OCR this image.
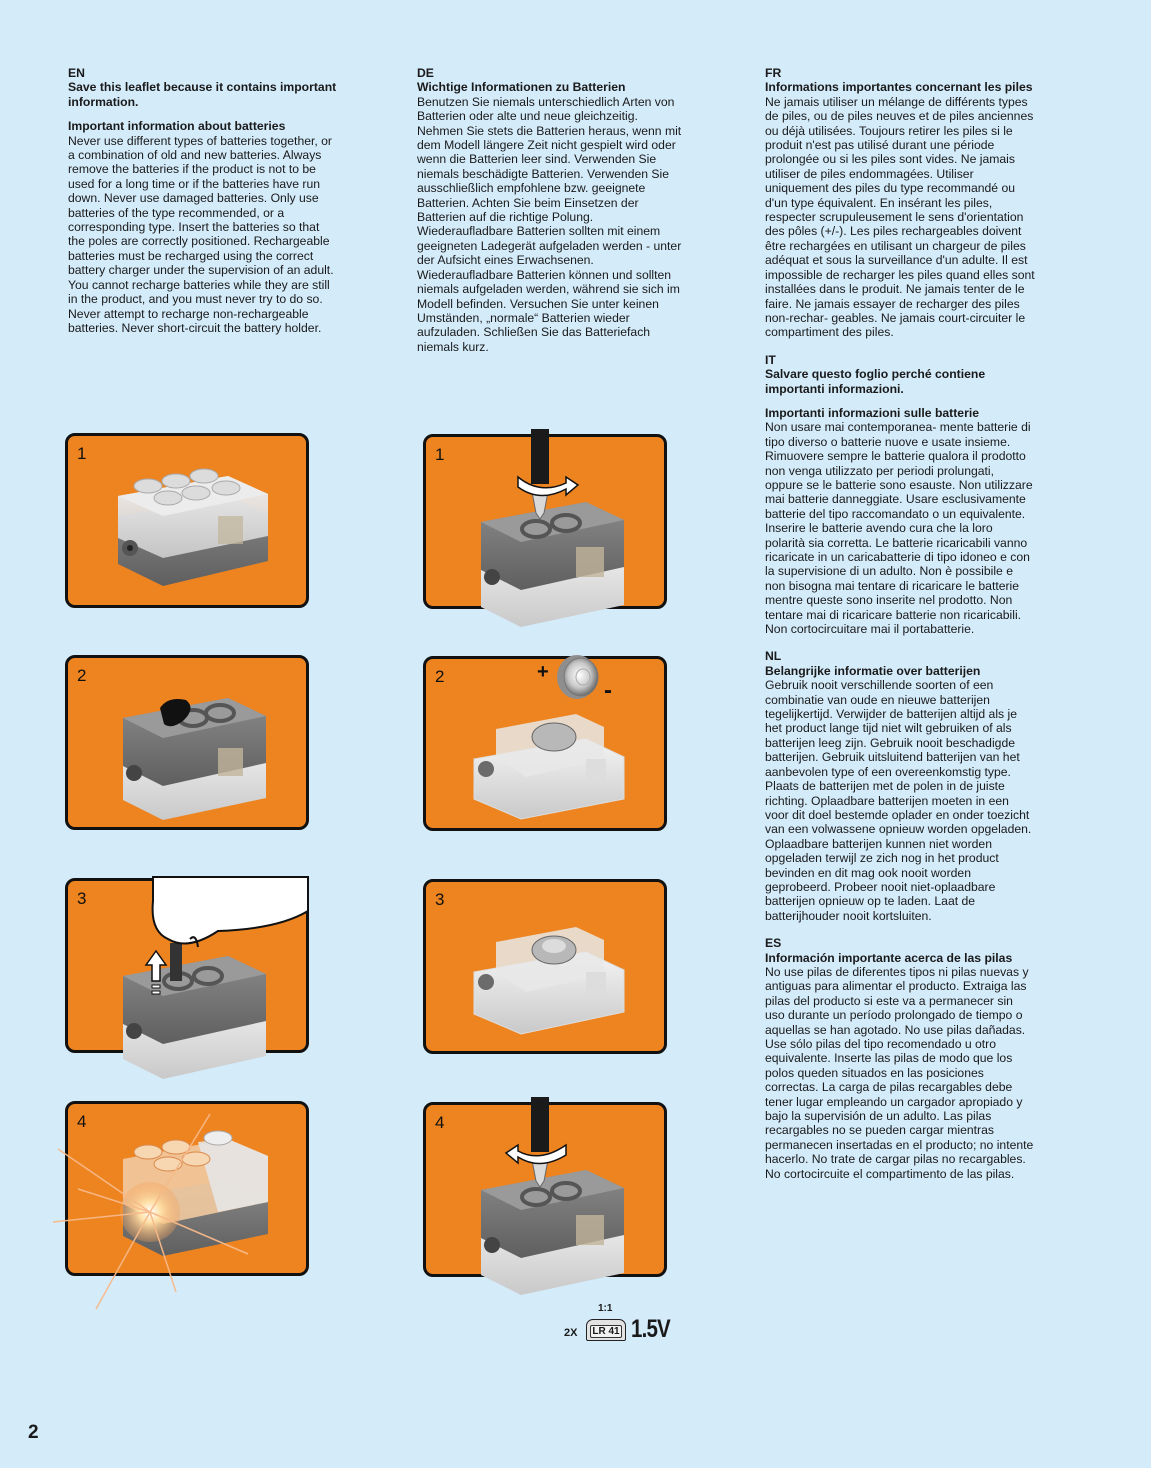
EN
Save this leaflet because it contains important information.
Important information about batteries

Never use different types of batteries together, or a combination of old and new batteries. Always remove the batteries if the product is not to be used for a long time or if the batteries have run down. Never use damaged batteries. Only use batteries of the type recommended, or a corresponding type. Insert the batteries so that the poles are correctly positioned. Rechargeable batteries must be recharged using the correct battery charger under the supervision of an adult. You cannot recharge batteries while they are still in the product, and you must never try to do so. Never attempt to recharge non-rechargeable batteries. Never short-circuit the battery holder.

DE
Wichtige Informationen zu Batterien

Benutzen Sie niemals unterschiedlich Arten von Batterien oder alte und neue gleichzeitig. Nehmen Sie stets die Batterien heraus, wenn mit dem Modell längere Zeit nicht gespielt wird oder wenn die Batterien leer sind. Verwenden Sie niemals beschädigte Batterien. Verwenden Sie ausschließlich empfohlene bzw. geeignete Batterien. Achten Sie beim Einsetzen der Batterien auf die richtige Polung. Wiederaufladbare Batterien sollten mit einem geeigneten Ladegerät aufgeladen werden - unter der Aufsicht eines Erwachsenen. Wiederaufladbare Batterien können und sollten niemals aufgeladen werden, während sie sich im Modell befinden. Versuchen Sie unter keinen Umständen, „normale“ Batterien wieder aufzuladen. Schließen Sie das Batteriefach niemals kurz.

FR
Informations importantes concernant les piles

Ne jamais utiliser un mélange de différents types de piles, ou de piles neuves et de piles anciennes ou déjà utilisées. Toujours retirer les piles si le produit n'est pas utilisé durant une période prolongée ou si les piles sont vides. Ne jamais utiliser de piles endommagées. Utiliser uniquement des piles du type recommandé ou d'un type équivalent. En insérant les piles, respecter scrupuleusement le sens d'orientation des pôles (+/-). Les piles rechargeables doivent être rechargées en utilisant un chargeur de piles adéquat et sous la surveillance d'un adulte. Il est impossible de recharger les piles quand elles sont installées dans le produit. Ne jamais tenter de le faire. Ne jamais essayer de recharger des piles non-rechar- geables. Ne jamais court-circuiter le compartiment des piles.

IT
Salvare questo foglio perché contiene importanti informazioni.
Importanti informazioni sulle batterie

Non usare mai contemporanea- mente batterie di tipo diverso o batterie nuove e usate insieme. Rimuovere sempre le batterie qualora il prodotto non venga utilizzato per periodi prolungati, oppure se le batterie sono esauste. Non utilizzare mai batterie danneggiate. Usare esclusivamente batterie del tipo raccomandato o un equivalente. Inserire le batterie avendo cura che la loro polarità sia corretta. Le batterie ricaricabili vanno ricaricate in un caricabatterie di tipo idoneo e con la supervisione di un adulto. Non è possibile e non bisogna mai tentare di ricaricare le batterie mentre queste sono inserite nel prodotto. Non tentare mai di ricaricare batterie non ricaricabili. Non cortocircuitare mai il portabatterie.

NL
Belangrijke informatie over batterijen

Gebruik nooit verschillende soorten of een combinatie van oude en nieuwe batterijen tegelijkertijd. Verwijder de batterijen altijd als je het product lange tijd niet wilt gebruiken of als batterijen leeg zijn. Gebruik nooit beschadigde batterijen. Gebruik uitsluitend batterijen van het aanbevolen type of een overeenkomstig type. Plaats de batterijen met de polen in de juiste richting. Oplaadbare batterijen moeten in een voor dit doel bestemde oplader en onder toezicht van een volwassene opnieuw worden opgeladen. Oplaadbare batterijen kunnen niet worden opgeladen terwijl ze zich nog in het product bevinden en dit mag ook nooit worden geprobeerd. Probeer nooit niet-oplaadbare batterijen opnieuw op te laden. Laat de batterijhouder nooit kortsluiten.

ES
Información importante acerca de las pilas

No use pilas de diferentes tipos ni pilas nuevas y antiguas para alimentar el producto. Extraiga las pilas del producto si este va a permanecer sin uso durante un período prolongado de tiempo o aquellas se han agotado. No use pilas dañadas. Use sólo pilas del tipo recomendado u otro equivalente. Inserte las pilas de modo que los polos queden situados en las posiciones correctas. La carga de pilas recargables debe tener lugar empleando un cargador apropiado y bajo la supervisión de un adulto. Las pilas recargables no se pueden cargar mientras permanecen insertadas en el producto; no intente hacerlo. No trate de cargar pilas no recargables. No cortocircuite el compartimento de las pilas.

1
2
3
4
1
2	+
-
3
4
1:1
2X LR 41 1.5V
2
